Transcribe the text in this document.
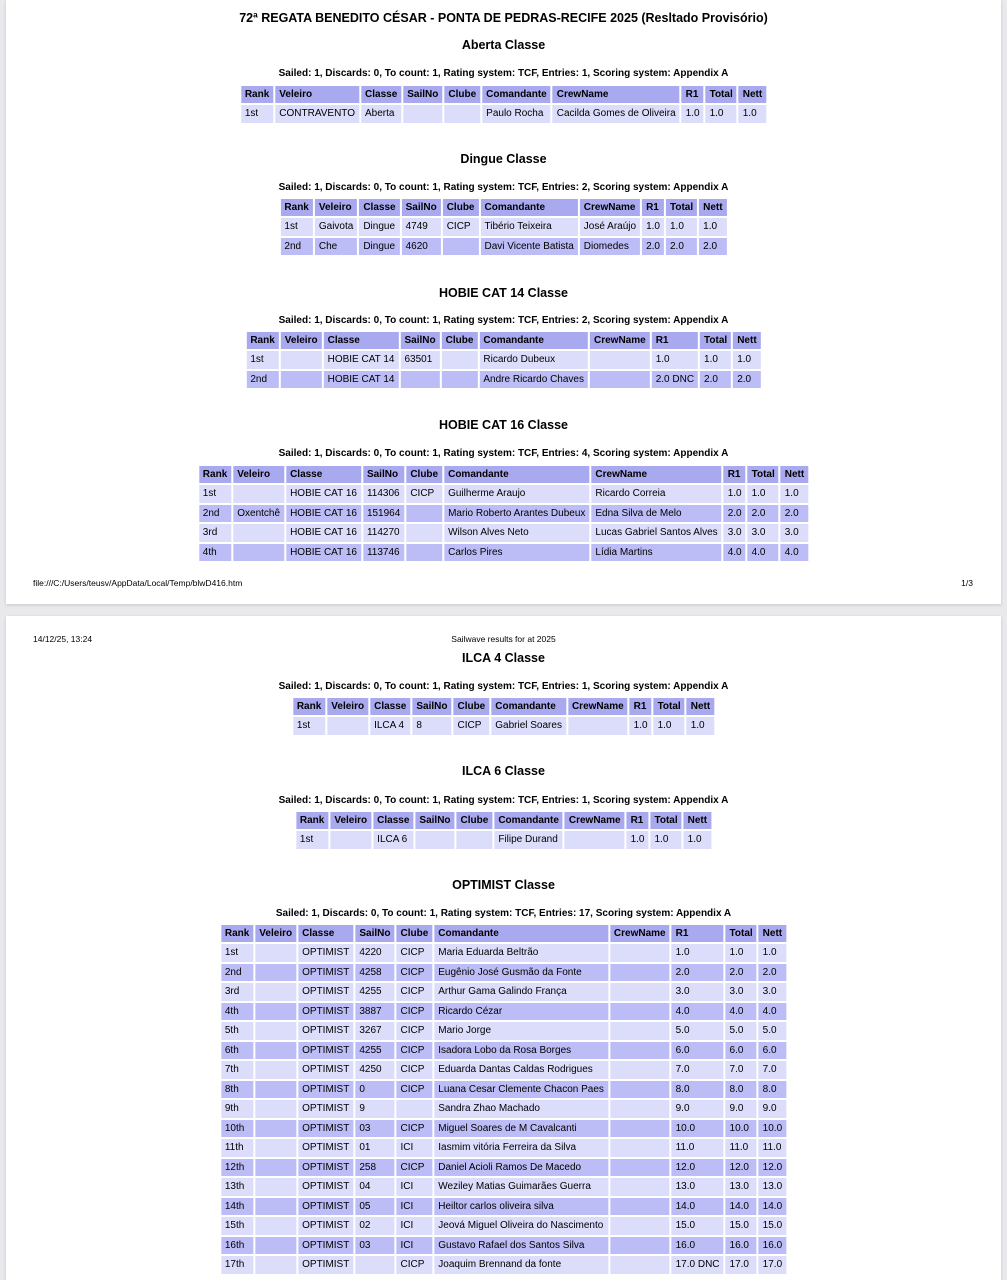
72ª REGATA BENEDITO CÉSAR - PONTA DE PEDRAS-RECIFE 2025 (Resltado Provisório)
Aberta Classe
Sailed: 1, Discards: 0, To count: 1, Rating system: TCF, Entries: 1, Scoring system: Appendix A
Rank	Veleiro	Classe	SailNo	Clube	Comandante	CrewName	R1	Total	Nett
1st	CONTRAVENTO	Aberta			Paulo Rocha	Cacilda Gomes de Oliveira	1.0	1.0	1.0
Dingue Classe
Sailed: 1, Discards: 0, To count: 1, Rating system: TCF, Entries: 2, Scoring system: Appendix A
Rank	Veleiro	Classe	SailNo	Clube	Comandante	CrewName	R1	Total	Nett
1st	Gaivota	Dingue	4749	CICP	Tibério Teixeira	José Araújo	1.0	1.0	1.0
2nd	Che	Dingue	4620		Davi Vicente Batista	Diomedes	2.0	2.0	2.0
HOBIE CAT 14 Classe
Sailed: 1, Discards: 0, To count: 1, Rating system: TCF, Entries: 2, Scoring system: Appendix A
Rank	Veleiro	Classe	SailNo	Clube	Comandante	CrewName	R1	Total	Nett
1st		HOBIE CAT 14	63501		Ricardo Dubeux		1.0	1.0	1.0
2nd		HOBIE CAT 14			Andre Ricardo Chaves		2.0 DNC	2.0	2.0
HOBIE CAT 16 Classe
Sailed: 1, Discards: 0, To count: 1, Rating system: TCF, Entries: 4, Scoring system: Appendix A
Rank	Veleiro	Classe	SailNo	Clube	Comandante	CrewName	R1	Total	Nett
1st		HOBIE CAT 16	114306	CICP	Guilherme Araujo	Ricardo Correia	1.0	1.0	1.0
2nd	Oxentchê	HOBIE CAT 16	151964		Mario Roberto Arantes Dubeux	Edna Silva de Melo	2.0	2.0	2.0
3rd		HOBIE CAT 16	114270		Wilson Alves Neto	Lucas Gabriel Santos Alves	3.0	3.0	3.0
4th		HOBIE CAT 16	113746		Carlos Pires	Lídia Martins	4.0	4.0	4.0
file:///C:/Users/teusv/AppData/Local/Temp/blwD416.htm	1/3
14/12/25, 13:24	Sailwave results for at 2025
ILCA 4 Classe
Sailed: 1, Discards: 0, To count: 1, Rating system: TCF, Entries: 1, Scoring system: Appendix A
Rank	Veleiro	Classe	SailNo	Clube	Comandante	CrewName	R1	Total	Nett
1st		ILCA 4	8	CICP	Gabriel Soares		1.0	1.0	1.0
ILCA 6 Classe
Sailed: 1, Discards: 0, To count: 1, Rating system: TCF, Entries: 1, Scoring system: Appendix A
Rank	Veleiro	Classe	SailNo	Clube	Comandante	CrewName	R1	Total	Nett
1st		ILCA 6			Filipe Durand		1.0	1.0	1.0
OPTIMIST Classe
Sailed: 1, Discards: 0, To count: 1, Rating system: TCF, Entries: 17, Scoring system: Appendix A
Rank	Veleiro	Classe	SailNo	Clube	Comandante	CrewName	R1	Total	Nett
1st		OPTIMIST	4220	CICP	Maria Eduarda Beltrão		1.0	1.0	1.0
2nd		OPTIMIST	4258	CICP	Eugênio José Gusmão da Fonte		2.0	2.0	2.0
3rd		OPTIMIST	4255	CICP	Arthur Gama Galindo França		3.0	3.0	3.0
4th		OPTIMIST	3887	CICP	Ricardo Cézar		4.0	4.0	4.0
5th		OPTIMIST	3267	CICP	Mario Jorge		5.0	5.0	5.0
6th		OPTIMIST	4255	CICP	Isadora Lobo da Rosa Borges		6.0	6.0	6.0
7th		OPTIMIST	4250	CICP	Eduarda Dantas Caldas Rodrigues		7.0	7.0	7.0
8th		OPTIMIST	0	CICP	Luana Cesar Clemente Chacon Paes		8.0	8.0	8.0
9th		OPTIMIST	9		Sandra Zhao Machado		9.0	9.0	9.0
10th		OPTIMIST	03	CICP	Miguel Soares de M Cavalcanti		10.0	10.0	10.0
11th		OPTIMIST	01	ICI	Iasmim vitória Ferreira da Silva		11.0	11.0	11.0
12th		OPTIMIST	258	CICP	Daniel Acioli Ramos De Macedo		12.0	12.0	12.0
13th		OPTIMIST	04	ICI	Weziley Matias Guimarães Guerra		13.0	13.0	13.0
14th		OPTIMIST	05	ICI	Heiltor carlos oliveira silva		14.0	14.0	14.0
15th		OPTIMIST	02	ICI	Jeová Miguel Oliveira do Nascimento		15.0	15.0	15.0
16th		OPTIMIST	03	ICI	Gustavo Rafael dos Santos Silva		16.0	16.0	16.0
17th		OPTIMIST		CICP	Joaquim Brennand da fonte		17.0 DNC	17.0	17.0
